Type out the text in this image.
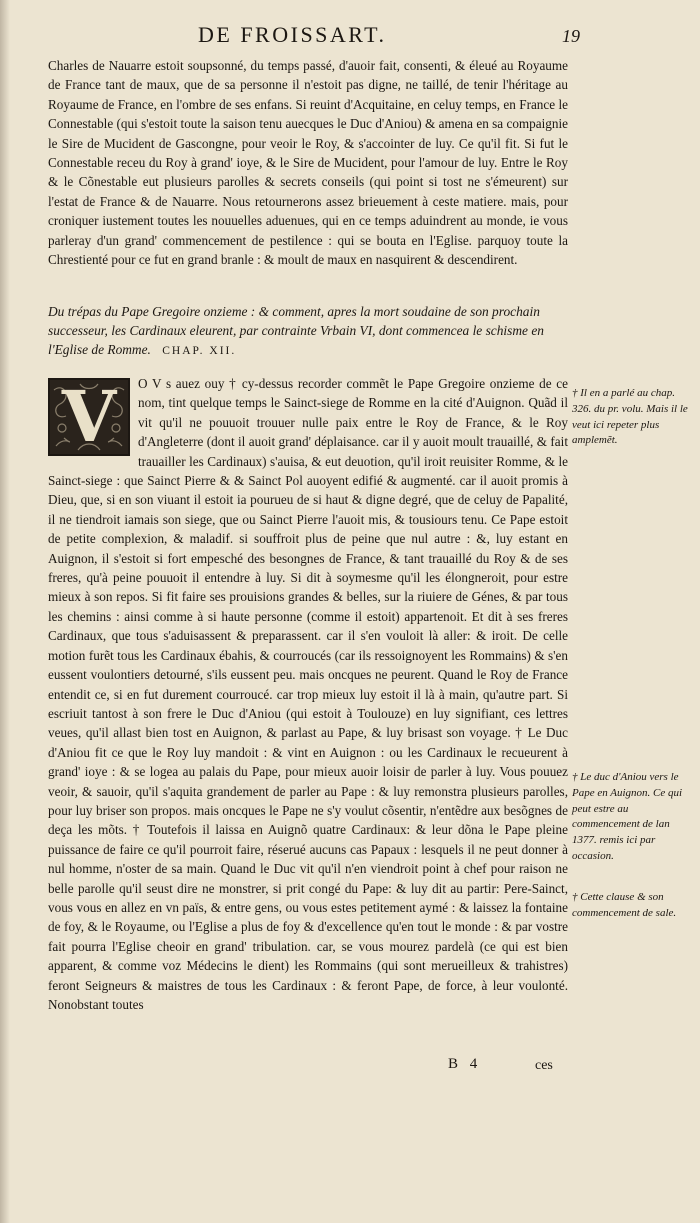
DE FROISSART.	19

Charles de Nauarre estoit soupsonné, du temps passé, d'auoir fait, consenti, & éleué au Royaume de France tant de maux, que de sa personne il n'estoit pas digne, ne taillé, de tenir l'héritage au Royaume de France, en l'ombre de ses enfans. Si reuint d'Acquitaine, en celuy temps, en France le Connestable (qui s'estoit toute la saison tenu auecques le Duc d'Aniou) & amena en sa compaignie le Sire de Mucident de Gascongne, pour veoir le Roy, & s'accointer de luy. Ce qu'il fit. Si fut le Connestable receu du Roy à grand' ioye, & le Sire de Mucident, pour l'amour de luy. Entre le Roy & le Cõnestable eut plusieurs parolles & secrets conseils (qui point si tost ne s'émeurent) sur l'estat de France & de Nauarre. Nous retournerons assez brieuement à ceste matiere. mais, pour croniquer iustement toutes les nouuelles aduenues, qui en ce temps aduindrent au monde, ie vous parleray d'un grand' commencement de pestilence : qui se bouta en l'Eglise. parquoy toute la Chrestienté pour ce fut en grand branle : & moult de maux en nasquirent & descendirent.

Du trépas du Pape Gregoire onzieme : & comment, apres la mort soudaine de son prochain successeur, les Cardinaux eleurent, par contrainte Vrbain VI, dont commencea le schisme en l'Eglise de Romme. CHAP. XII.
V	O V s auez ouy † cy-dessus recorder commẽt le Pape Gregoire onzieme de ce nom, tint quelque temps le Sainct-siege de Romme en la cité d'Auignon. Quãd il vit qu'il ne pouuoit trouuer nulle paix entre le Roy de France, & le Roy d'Angleterre (dont il auoit grand' déplaisance. car il y auoit moult trauaillé, & fait trauailler les Cardinaux) s'auisa, & eut deuotion, qu'il iroit reuisiter Romme, & le Sainct-siege : que Sainct Pierre & & Sainct Pol auoyent edifié & augmenté. car il auoit promis à Dieu, que, si en son viuant il estoit ia pourueu de si haut & digne degré, que de celuy de Papalité, il ne tiendroit iamais son siege, que ou Sainct Pierre l'auoit mis, & tousiours tenu. Ce Pape estoit de petite complexion, & maladif. si souffroit plus de peine que nul autre : &, luy estant en Auignon, il s'estoit si fort empesché des besongnes de France, & tant trauaillé du Roy & de ses freres, qu'à peine pouuoit il entendre à luy. Si dit à soymesme qu'il les élongneroit, pour estre mieux à son repos. Si fit faire ses prouisions grandes & belles, sur la riuiere de Génes, & par tous les chemins : ainsi comme à si haute personne (comme il estoit) appartenoit. Et dit à ses freres Cardinaux, que tous s'aduisassent & preparassent. car il s'en vouloit là aller: & iroit. De celle motion furẽt tous les Cardinaux ébahis, & courroucés (car ils ressoignoyent les Rommains) & s'en eussent voulontiers detourné, s'ils eussent peu. mais oncques ne peurent. Quand le Roy de France entendit ce, si en fut durement courroucé. car trop mieux luy estoit il là à main, qu'autre part. Si escriuit tantost à son frere le Duc d'Aniou (qui estoit à Toulouze) en luy signifiant, ces lettres veues, qu'il allast bien tost en Auignon, & parlast au Pape, & luy brisast son voyage. † Le Duc d'Aniou fit ce que le Roy luy mandoit : & vint en Auignon : ou les Cardinaux le recueurent à grand' ioye : & se logea au palais du Pape, pour mieux auoir loisir de parler à luy. Vous pouuez veoir, & sauoir, qu'il s'aquita grandement de parler au Pape : & luy remonstra plusieurs parolles, pour luy briser son propos. mais oncques le Pape ne s'y voulut cõsentir, n'entẽdre aux besõgnes de deça les mõts. † Toutefois il laissa en Auignõ quatre Cardinaux: & leur dõna le Pape pleine puissance de faire ce qu'il pourroit faire, réserué aucuns cas Papaux : lesquels il ne peut donner à nul homme, n'oster de sa main. Quand le Duc vit qu'il n'en viendroit point à chef pour raison ne belle parolle qu'il seust dire ne monstrer, si prit congé du Pape: & luy dit au partir: Pere-Sainct, vous vous en allez en vn païs, & entre gens, ou vous estes petitement aymé : & laissez la fontaine de foy, & le Royaume, ou l'Eglise a plus de foy & d'excellence qu'en tout le monde : & par vostre fait pourra l'Eglise cheoir en grand' tribulation. car, se vous mourez pardelà (ce qui est bien apparent, & comme voz Médecins le dient) les Rommains (qui sont merueilleux & trahistres) feront Seigneurs & maistres de tous les Cardinaux : & feront Pape, de force, à leur voulonté. Nonobstant toutes
† Il en a parlé au chap. 326. du pr. volu. Mais il le veut ici repeter plus amplemẽt.
† Le duc d'Aniou vers le Pape en Auignon. Ce qui peut estre au commencement de lan 1377. remis ici par occasion.
† Cette clause & son commencement de sale.
B 4	ces
